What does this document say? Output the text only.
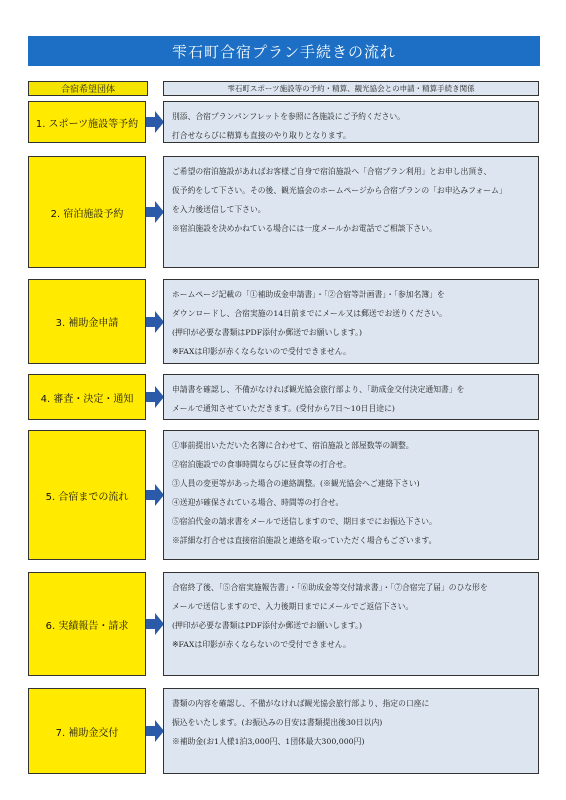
雫石町合宿プラン手続きの流れ
合宿希望団体	雫石町スポーツ施設等の予約・精算、観光協会との申請・精算手続き関係
1. スポーツ施設等予約
別添、合宿プランパンフレットを参照に各施設にご予約ください。
打合せならびに精算も直接のやり取りとなります。
2. 宿泊施設予約
ご希望の宿泊施設があればお客様ご自身で宿泊施設へ「合宿プラン利用」とお申し出頂き、
仮予約をして下さい。その後、観光協会のホームページから合宿プランの「お申込みフォーム」
を入力後送信して下さい。
※宿泊施設を決めかねている場合には一度メールかお電話でご相談下さい。
3. 補助金申請
ホームページ記載の「①補助成金申請書」・「②合宿等計画書」・「参加名簿」を
ダウンロードし、合宿実施の14日前までにメール又は郵送でお送りください。
(押印が必要な書類はPDF添付か郵送でお願いします。)
※FAXは印影が赤くならないので受付できません。
4. 審査・決定・通知
申請書を確認し、不備がなければ観光協会旅行部より、「助成金交付決定通知書」を
メールで通知させていただきます。(受付から7日～10日目途に)
5. 合宿までの流れ
①事前提出いただいた名簿に合わせて、宿泊施設と部屋数等の調整。
②宿泊施設での食事時間ならびに昼食等の打合せ。
③人員の変更等があった場合の連絡調整。(※観光協会へご連絡下さい)
④送迎が確保されている場合、時間等の打合せ。
⑤宿泊代金の請求書をメールで送信しますので、期日までにお振込下さい。
※詳細な打合せは直接宿泊施設と連絡を取っていただく場合もございます。
6. 実績報告・請求
合宿終了後、「⑤合宿実施報告書」・「⑥助成金等交付請求書」・「⑦合宿完了届」のひな形を
メールで送信しますので、入力後期日までにメールでご返信下さい。
(押印が必要な書類はPDF添付か郵送でお願いします。)
※FAXは印影が赤くならないので受付できません。
7. 補助金交付
書類の内容を確認し、不備がなければ観光協会旅行部より、指定の口座に
振込をいたします。(お振込みの目安は書類提出後30日以内)
※補助金(お1人様1泊3,000円、1団体最大300,000円)
